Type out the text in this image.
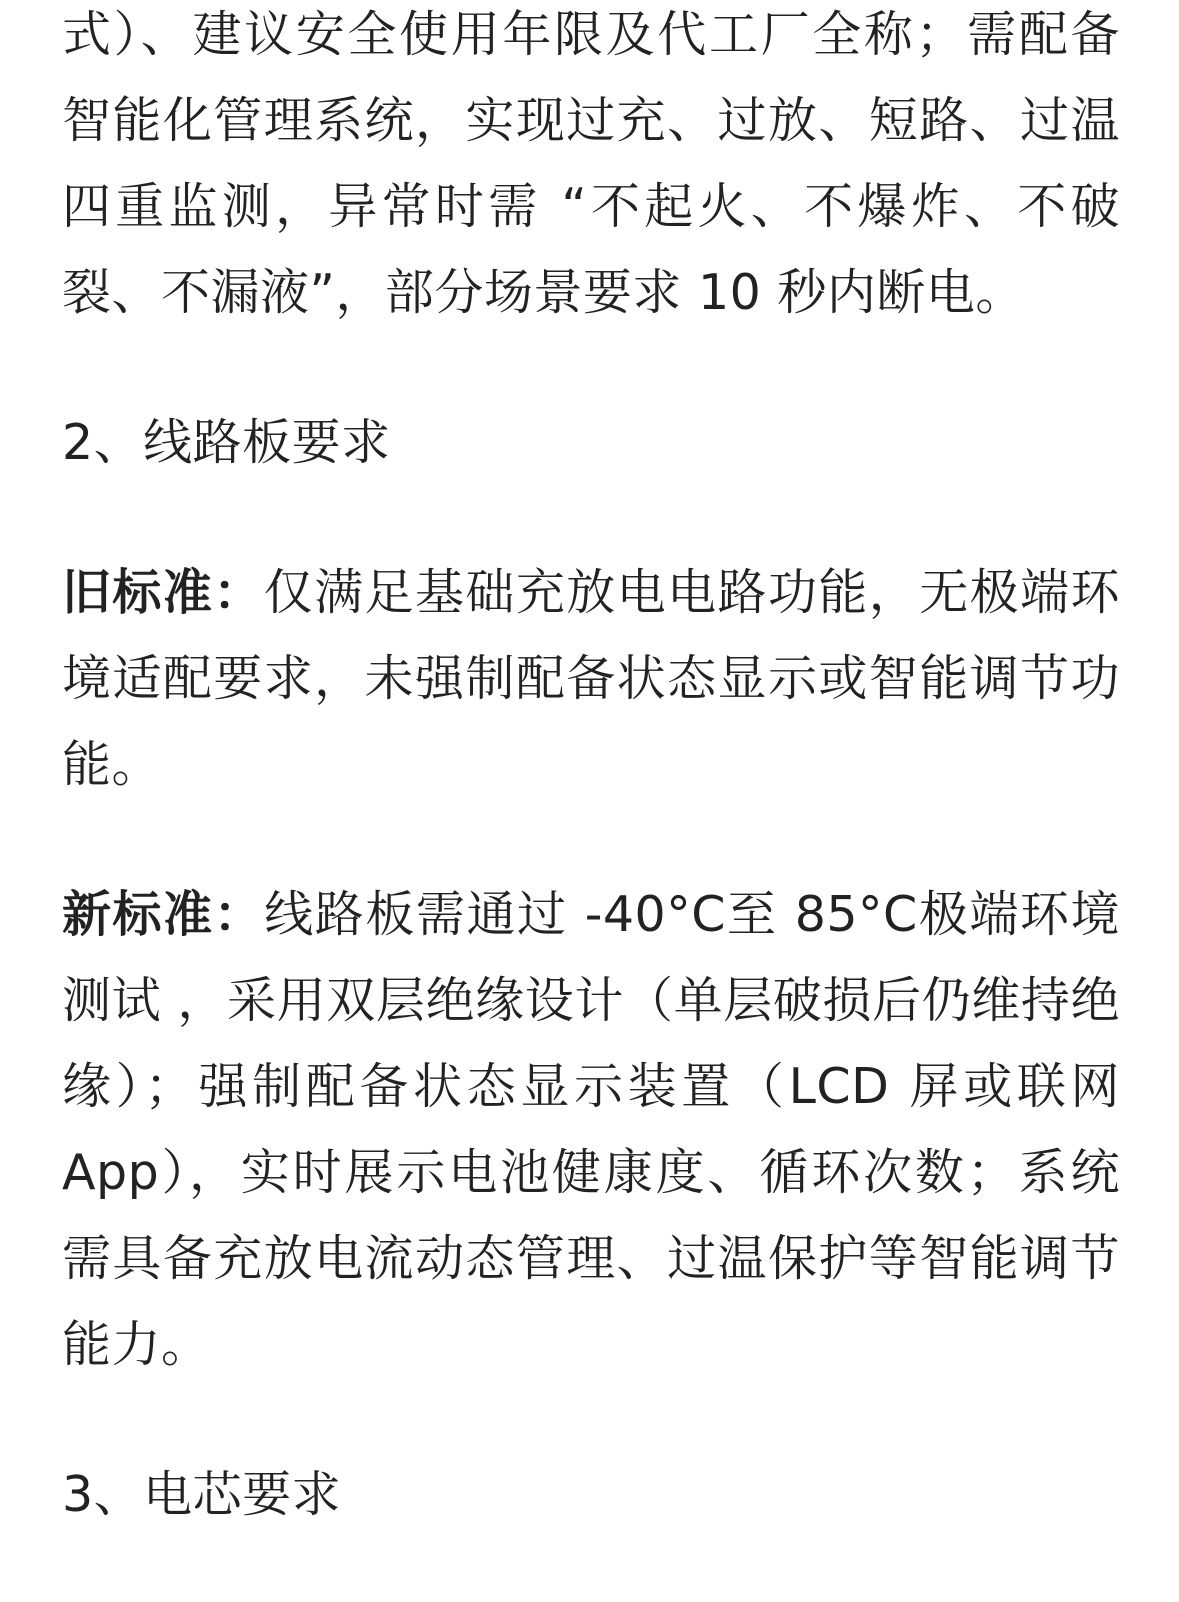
式）、建议安全使用年限及代工厂全称；需配备智能化管理系统，实现过充、过放、短路、过温四重监测，异常时需 “不起火、不爆炸、不破裂、不漏液”，部分场景要求 10 秒内断电。

2、线路板要求

旧标准：仅满足基础充放电电路功能，无极端环境适配要求，未强制配备状态显示或智能调节功能。

新标准：线路板需通过 -40°C至 85°C极端环境测试 ，采用双层绝缘设计（单层破损后仍维持绝缘）；强制配备状态显示装置（LCD 屏或联网 App），实时展示电池健康度、循环次数；系统需具备充放电流动态管理、过温保护等智能调节能力。

3、电芯要求
